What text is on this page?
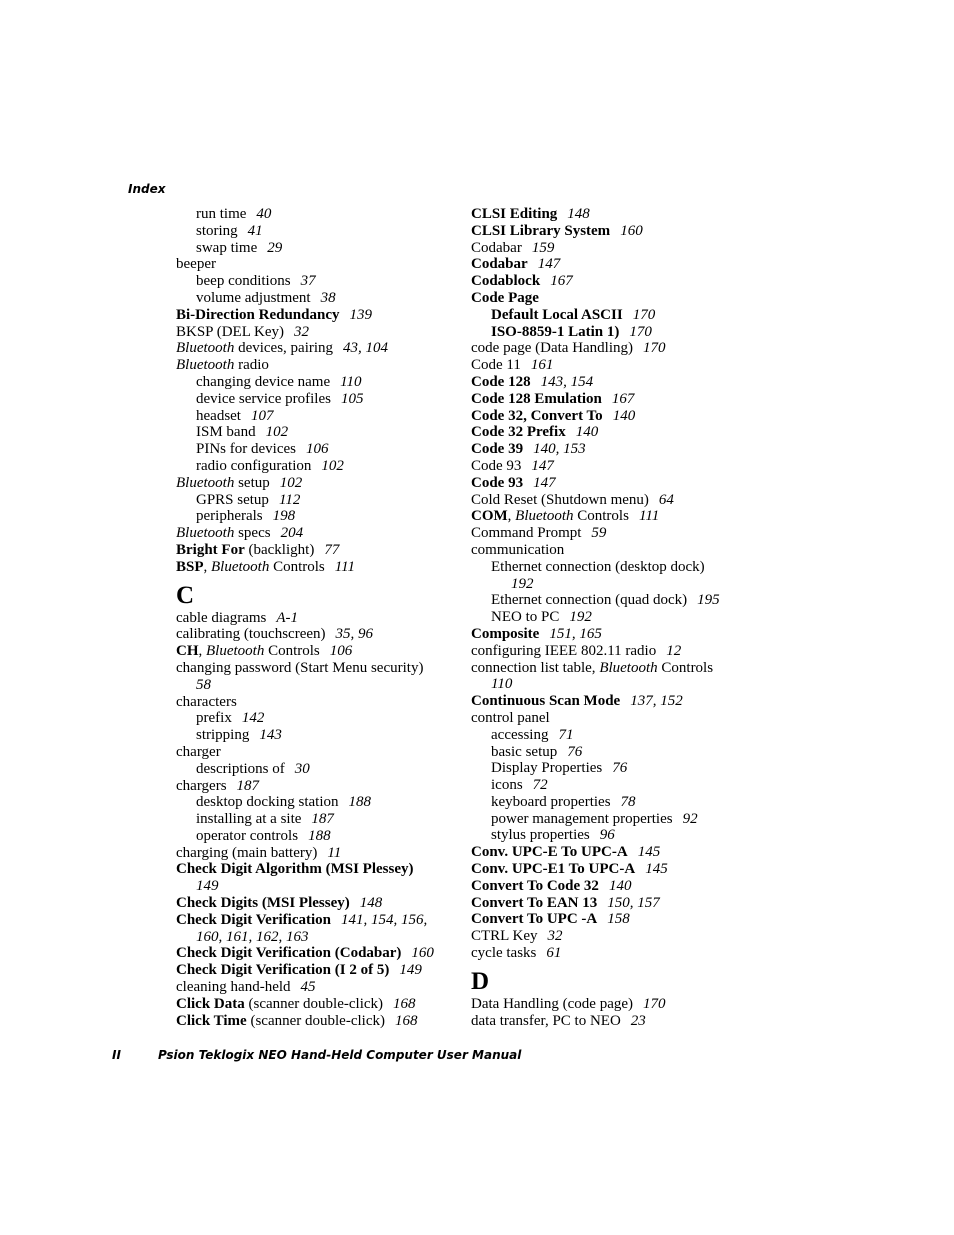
Index
run time 40
storing 41
swap time 29
beeper
beep conditions 37
volume adjustment 38
Bi-Direction Redundancy 139
BKSP (DEL Key) 32
Bluetooth devices, pairing 43, 104
Bluetooth radio
changing device name 110
device service profiles 105
headset 107
ISM band 102
PINs for devices 106
radio configuration 102
Bluetooth setup 102
GPRS setup 112
peripherals 198
Bluetooth specs 204
Bright For (backlight) 77
BSP, Bluetooth Controls 111
C
cable diagrams A-1
calibrating (touchscreen) 35, 96
CH, Bluetooth Controls 106
changing password (Start Menu security)
58
characters
prefix 142
stripping 143
charger
descriptions of 30
chargers 187
desktop docking station 188
installing at a site 187
operator controls 188
charging (main battery) 11
Check Digit Algorithm (MSI Plessey)
149
Check Digits (MSI Plessey) 148
Check Digit Verification 141, 154, 156,
160, 161, 162, 163
Check Digit Verification (Codabar) 160
Check Digit Verification (I 2 of 5) 149
cleaning hand-held 45
Click Data (scanner double-click) 168
Click Time (scanner double-click) 168
CLSI Editing 148
CLSI Library System 160
Codabar 159
Codabar 147
Codablock 167
Code Page
Default Local ASCII 170
ISO-8859-1 Latin 1) 170
code page (Data Handling) 170
Code 11 161
Code 128 143, 154
Code 128 Emulation 167
Code 32, Convert To 140
Code 32 Prefix 140
Code 39 140, 153
Code 93 147
Code 93 147
Cold Reset (Shutdown menu) 64
COM, Bluetooth Controls 111
Command Prompt 59
communication
Ethernet connection (desktop dock)
192
Ethernet connection (quad dock) 195
NEO to PC 192
Composite 151, 165
configuring IEEE 802.11 radio 12
connection list table, Bluetooth Controls
110
Continuous Scan Mode 137, 152
control panel
accessing 71
basic setup 76
Display Properties 76
icons 72
keyboard properties 78
power management properties 92
stylus properties 96
Conv. UPC-E To UPC-A 145
Conv. UPC-E1 To UPC-A 145
Convert To Code 32 140
Convert To EAN 13 150, 157
Convert To UPC -A 158
CTRL Key 32
cycle tasks 61
D
Data Handling (code page) 170
data transfer, PC to NEO 23
II	Psion Teklogix NEO Hand-Held Computer User Manual
